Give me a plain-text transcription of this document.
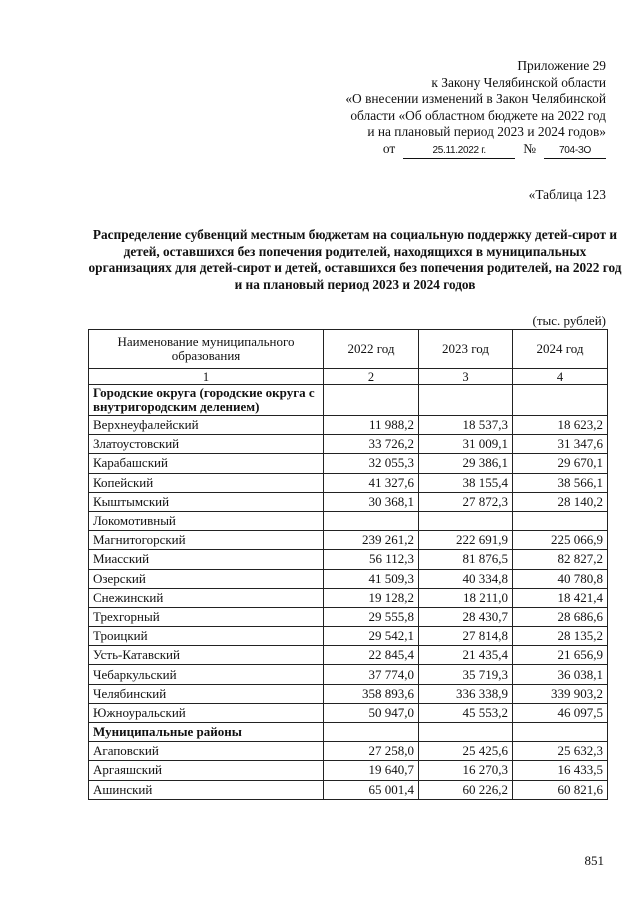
Приложение 29
к Закону Челябинской области
«О внесении изменений в Закон Челябинской
области «Об областном бюджете на 2022 год
и на плановый период 2023 и 2024 годов»
от	25.11.2022 г.	№	704-ЗО
«Таблица 123
Распределение субвенций местным бюджетам на социальную поддержку детей-сирот и детей, оставшихся без попечения родителей, находящихся в муниципальных организациях для детей-сирот и детей, оставшихся без попечения родителей, на 2022 год и на плановый период 2023 и 2024 годов
(тыс. рублей)
Наименование муниципального образования	2022 год	2023 год	2024 год
1	2	3	4
Городские округа (городские округа с внутригородским делением)			
Верхнеуфалейский	11 988,2	18 537,3	18 623,2
Златоустовский	33 726,2	31 009,1	31 347,6
Карабашский	32 055,3	29 386,1	29 670,1
Копейский	41 327,6	38 155,4	38 566,1
Кыштымский	30 368,1	27 872,3	28 140,2
Локомотивный			
Магнитогорский	239 261,2	222 691,9	225 066,9
Миасский	56 112,3	81 876,5	82 827,2
Озерский	41 509,3	40 334,8	40 780,8
Снежинский	19 128,2	18 211,0	18 421,4
Трехгорный	29 555,8	28 430,7	28 686,6
Троицкий	29 542,1	27 814,8	28 135,2
Усть-Катавский	22 845,4	21 435,4	21 656,9
Чебаркульский	37 774,0	35 719,3	36 038,1
Челябинский	358 893,6	336 338,9	339 903,2
Южноуральский	50 947,0	45 553,2	46 097,5
Муниципальные районы			
Агаповский	27 258,0	25 425,6	25 632,3
Аргаяшский	19 640,7	16 270,3	16 433,5
Ашинский	65 001,4	60 226,2	60 821,6
851
